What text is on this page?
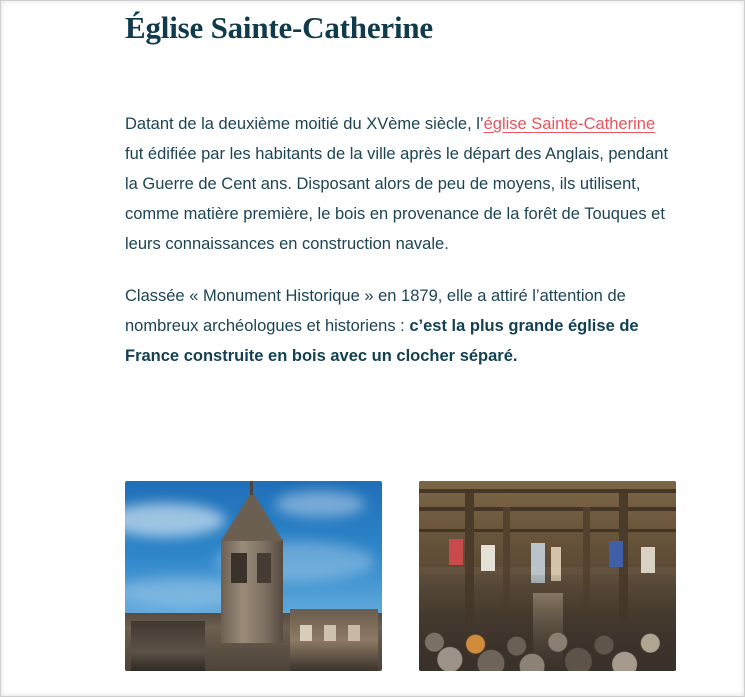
Église Sainte-Catherine

Datant de la deuxième moitié du XVème siècle, l’église Sainte-Catherine fut édifiée par les habitants de la ville après le départ des Anglais, pendant la Guerre de Cent ans. Disposant alors de peu de moyens, ils utilisent, comme matière première, le bois en provenance de la forêt de Touques et leurs connaissances en construction navale.

Classée « Monument Historique » en 1879, elle a attiré l’attention de nombreux archéologues et historiens : c’est la plus grande église de France construite en bois avec un clocher séparé.
